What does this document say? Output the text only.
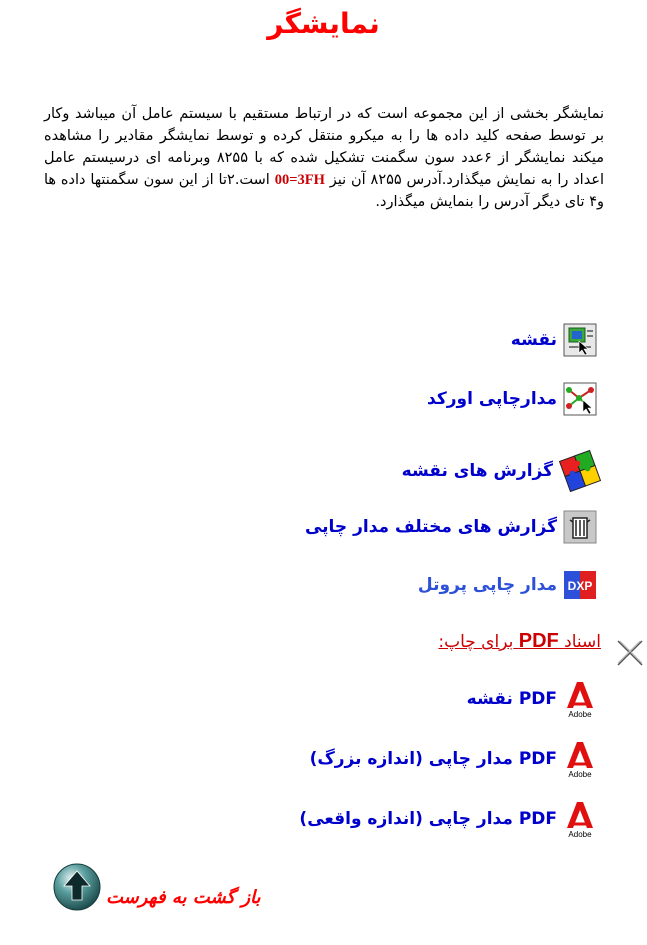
نمایشگر
نمایشگر بخشی از این مجموعه است که در ارتباط مستقیم با سیستم عامل آن میباشد وکار بر توسط صفحه کلید داده ها را به میکرو منتقل کرده و توسط نمایشگر مقادیر را مشاهده میکند نمایشگر از ۶عدد سون سگمنت تشکیل شده که با ۸۲۵۵ وبرنامه ای درسیستم عامل اعداد را به نمایش میگذارد.آدرس ۸۲۵۵ آن نیز 00=3FH است.۲تا از این سون سگمنتها داده ها و۴ تای دیگر آدرس را بنمایش میگذارد.
نقشه
مدارچاپی اورکد
گزارش های نقشه
گزارش های مختلف مدار چاپی
DXP
مدار چاپی پروتل
اسناد PDF برای چاپ:
Adobe
PDF نقشه
Adobe
PDF مدار چاپی (اندازه بزرگ)
Adobe
PDF مدار چاپی (اندازه واقعی)
باز گشت به فهرست
